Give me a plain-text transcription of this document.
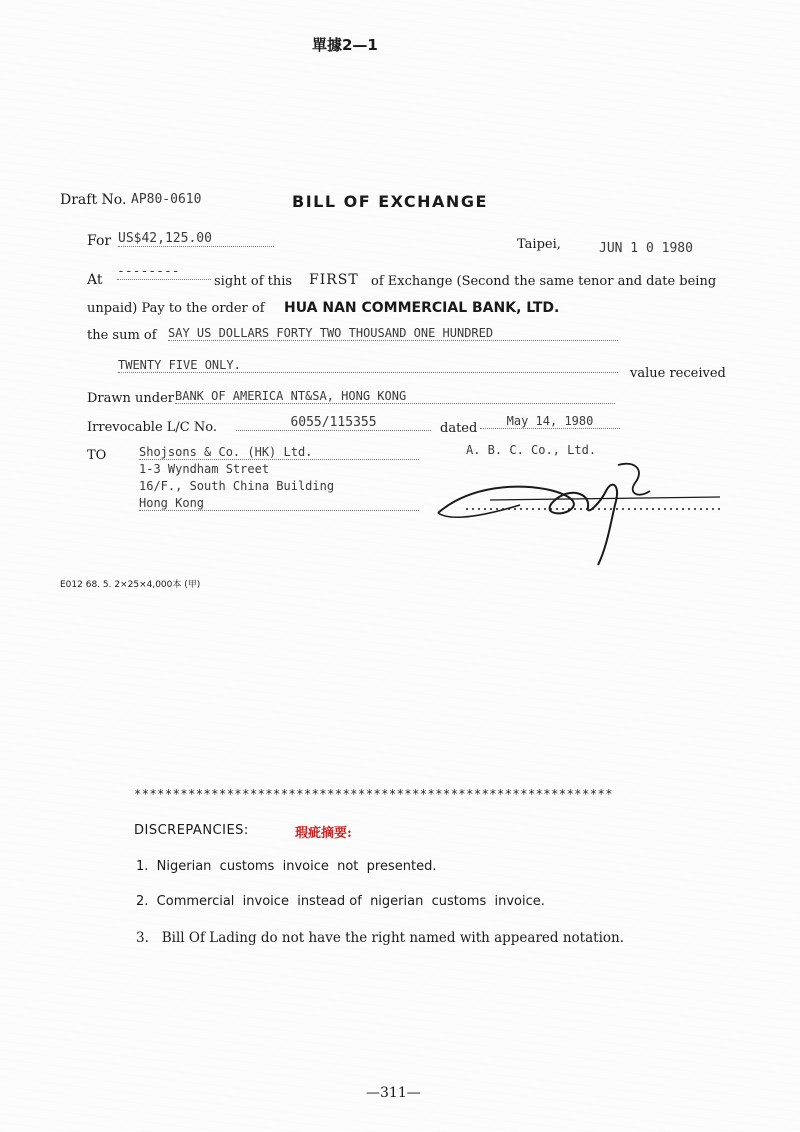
單據2—1
Draft No. AP80-0610	BILL OF EXCHANGE
For US$42,125.00	Taipei,	JUN 1 0 1980
At
--------
sight of this FIRST of Exchange (Second the same tenor and date being
unpaid) Pay to the order of HUA NAN COMMERCIAL BANK, LTD.
the sum of SAY US DOLLARS FORTY TWO THOUSAND ONE HUNDRED
TWENTY FIVE ONLY.
value received
Drawn under BANK OF AMERICA NT&SA, HONG KONG
Irrevocable L/C No.	6055/115355	dated	May 14, 1980
TO	Shojsons & Co. (HK) Ltd.
1-3 Wyndham Street
16/F., South China Building
Hong Kong
A. B. C. Co., Ltd.
E012 68. 5. 2×25×4,000本 (甲)
**************************************************************
DISCREPANCIES:	瑕疵摘要:
1.  Nigerian  customs  invoice  not  presented.
2.  Commercial  invoice  instead of  nigerian  customs  invoice.
3.   Bill Of Lading do not have the right named with appeared notation.
—311—
